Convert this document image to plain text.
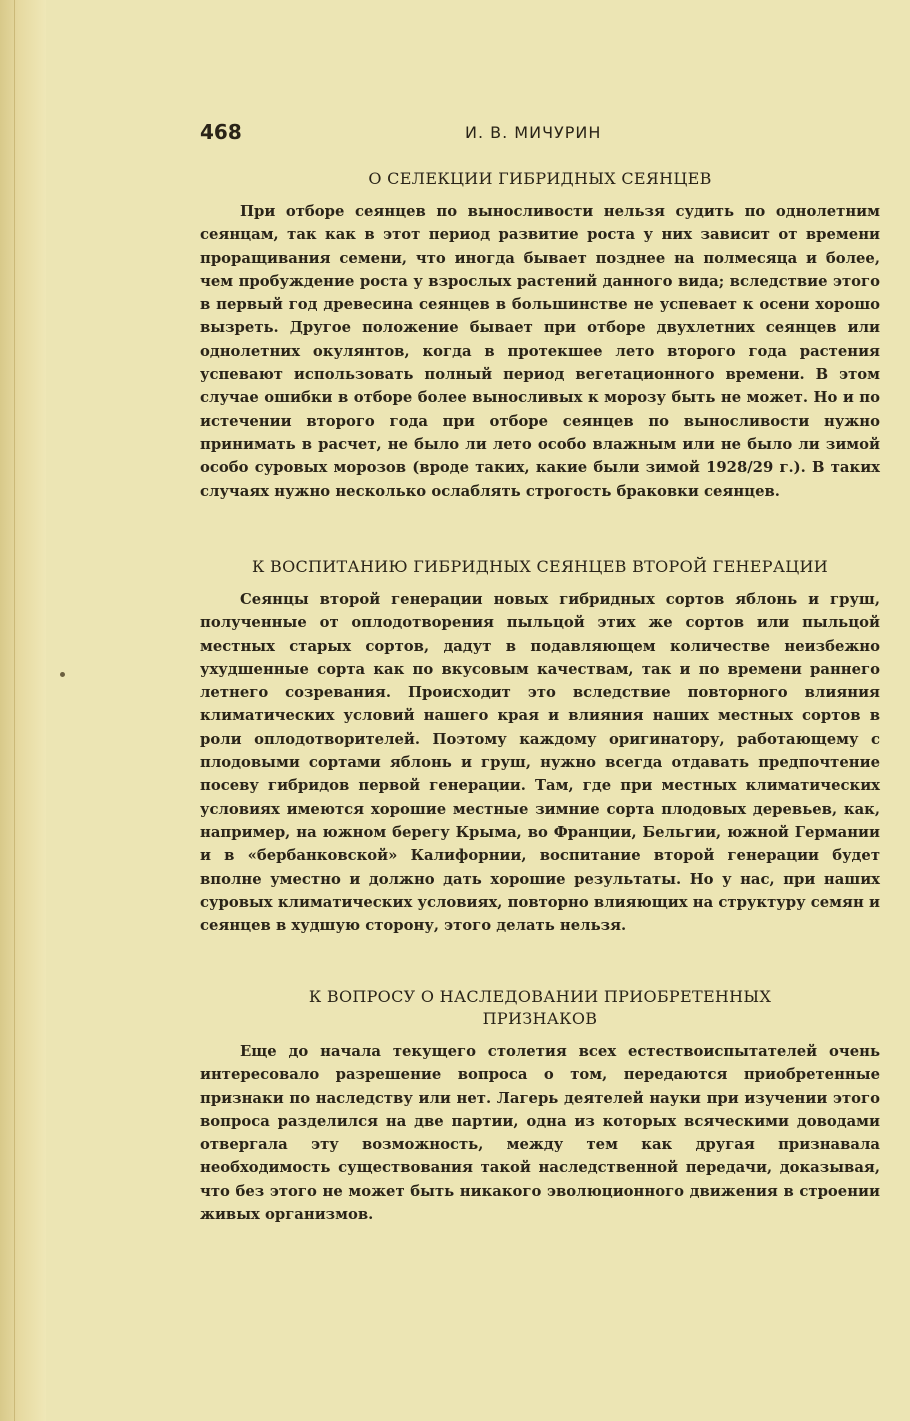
468	И. В. МИЧУРИН
О СЕЛЕКЦИИ ГИБРИДНЫХ СЕЯНЦЕВ

При отборе сеянцев по выносливости нельзя судить по однолетним сеянцам, так как в этот период развитие роста у них зависит от времени проращивания семени, что иногда бывает позднее на полмесяца и более, чем пробуждение роста у взрослых растений данного вида; вследствие этого в первый год древесина сеянцев в большинстве не успевает к осени хорошо вызреть. Другое положение бывает при отборе двухлетних сеянцев или однолетних окулянтов, когда в протекшее лето второго года растения успевают использовать полный период вегетационного времени. В этом случае ошибки в отборе более выносливых к морозу быть не может. Но и по истечении второго года при отборе сеянцев по выносливости нужно принимать в расчет, не было ли лето особо влажным или не было ли зимой особо суровых морозов (вроде таких, какие были зимой 1928/29 г.). В таких случаях нужно несколько ослаблять строгость браковки сеянцев.

К ВОСПИТАНИЮ ГИБРИДНЫХ СЕЯНЦЕВ ВТОРОЙ ГЕНЕРАЦИИ

Сеянцы второй генерации новых гибридных сортов яблонь и груш, полученные от оплодотворения пыльцой этих же сортов или пыльцой местных старых сортов, дадут в подавляющем количестве неизбежно ухудшенные сорта как по вкусовым качествам, так и по времени раннего летнего созревания. Происходит это вследствие повторного влияния климатических условий нашего края и влияния наших местных сортов в роли оплодотворителей. Поэтому каждому оригинатору, работающему с плодовыми сортами яблонь и груш, нужно всегда отдавать предпочтение посеву гибридов первой генерации. Там, где при местных климатических условиях имеются хорошие местные зимние сорта плодовых деревьев, как, например, на южном берегу Крыма, во Франции, Бельгии, южной Германии и в «бербанковской» Калифорнии, воспитание второй генерации будет вполне уместно и должно дать хорошие результаты. Но у нас, при наших суровых климатических условиях, повторно влияющих на структуру семян и сеянцев в худшую сторону, этого делать нельзя.

К ВОПРОСУ О НАСЛЕДОВАНИИ ПРИОБРЕТЕННЫХ
ПРИЗНАКОВ

Еще до начала текущего столетия всех естествоиспытателей очень интересовало разрешение вопроса о том, передаются приобретенные признаки по наследству или нет. Лагерь деятелей науки при изучении этого вопроса разделился на две партии, одна из которых всяческими доводами отвергала эту возможность, между тем как другая признавала необходимость существования такой наследственной передачи, доказывая, что без этого не может быть никакого эволюционного движения в строении живых организмов.
